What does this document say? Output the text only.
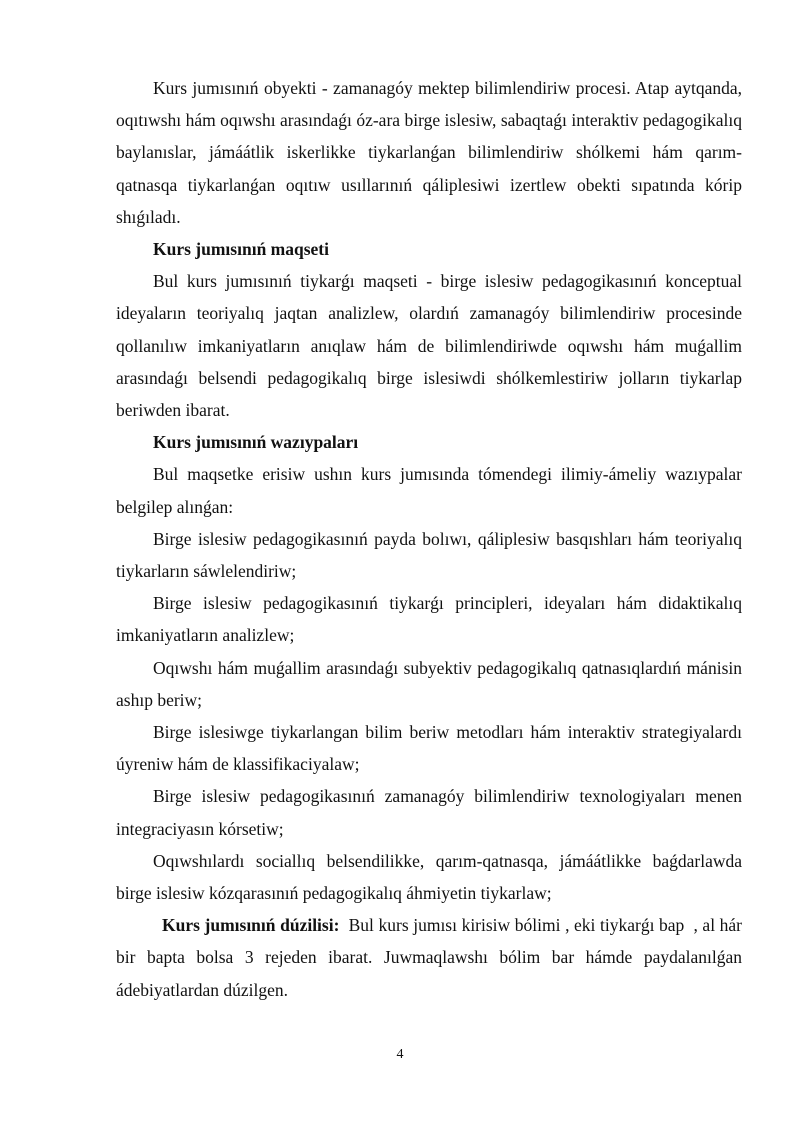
Kurs jumısınıń obyekti - zamanagóy mektep bilimlendiriw procesi. Atap aytqanda, oqıtıwshı hám oqıwshı arasındaǵı óz-ara birge islesiw, sabaqtaǵı interaktiv pedagogikalıq baylanıslar, jámáátlik iskerlikke tiykarlanǵan bilimlendiriw shólkemi hám qarım-qatnasqa tiykarlanǵan oqıtıw usıllarınıń qáliplesiwi izertlew obekti sıpatında kórip shıǵıladı.

Kurs jumısınıń maqseti

Bul kurs jumısınıń tiykarǵı maqseti - birge islesiw pedagogikasınıń konceptual ideyaların teoriyalıq jaqtan analizlew, olardıń zamanagóy bilimlendiriw procesinde qollanılıw imkaniyatların anıqlaw hám de bilimlendiriwde oqıwshı hám muǵallim arasındaǵı belsendi pedagogikalıq birge islesiwdi shólkemlestiriw jolların tiykarlap beriwden ibarat.

Kurs jumısınıń wazıypaları

Bul maqsetke erisiw ushın kurs jumısında tómendegi ilimiy-ámeliy wazıypalar belgilep alınǵan:

Birge islesiw pedagogikasınıń payda bolıwı, qáliplesiw basqıshları hám teoriyalıq tiykarların sáwlelendiriw;

Birge islesiw pedagogikasınıń tiykarǵı principleri, ideyaları hám didaktikalıq imkaniyatların analizlew;

Oqıwshı hám muǵallim arasındaǵı subyektiv pedagogikalıq qatnasıqlardıń mánisin ashıp beriw;

Birge islesiwge tiykarlangan bilim beriw metodları hám interaktiv strategiyalardı úyreniw hám de klassifikaciyalaw;

Birge islesiw pedagogikasınıń zamanagóy bilimlendiriw texnologiyaları menen integraciyasın kórsetiw;

Oqıwshılardı sociallıq belsendilikke, qarım-qatnasqa, jámáátlikke baǵdarlawda birge islesiw kózqarasınıń pedagogikalıq áhmiyetin tiykarlaw;

Kurs jumısınıń dúzilisi:  Bul kurs jumısı kirisiw bólimi , eki tiykarǵı bap  , al hár bir bapta bolsa 3 rejeden ibarat. Juwmaqlawshı bólim bar hámde paydalanılǵan ádebiyatlardan dúzilgen.

4
